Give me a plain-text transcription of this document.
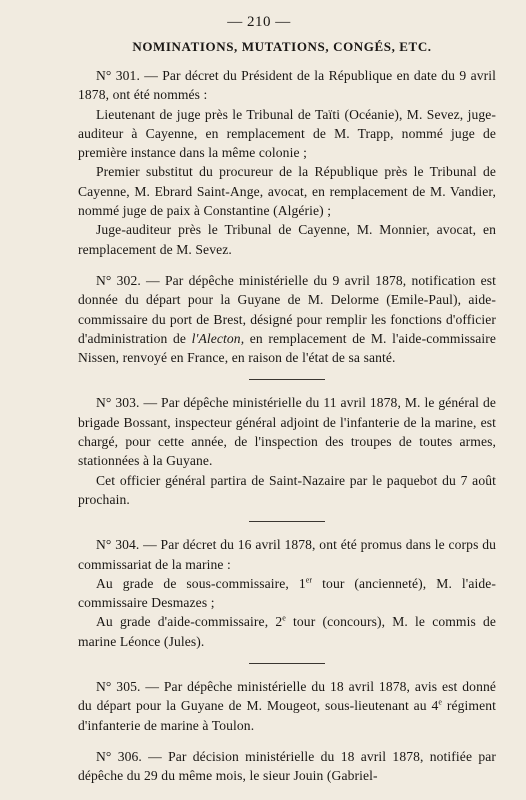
— 210 —
NOMINATIONS, MUTATIONS, CONGÉS, ETC.

N° 301. — Par décret du Président de la République en date du 9 avril 1878, ont été nommés :

Lieutenant de juge près le Tribunal de Taïti (Océanie), M. Sevez, juge-auditeur à Cayenne, en remplacement de M. Trapp, nommé juge de première instance dans la même colonie ;

Premier substitut du procureur de la République près le Tribunal de Cayenne, M. Ebrard Saint-Ange, avocat, en remplacement de M. Vandier, nommé juge de paix à Constantine (Algérie) ;

Juge-auditeur près le Tribunal de Cayenne, M. Monnier, avocat, en remplacement de M. Sevez.

N° 302. — Par dépêche ministérielle du 9 avril 1878, notification est donnée du départ pour la Guyane de M. Delorme (Emile-Paul), aide-commissaire du port de Brest, désigné pour remplir les fonctions d'officier d'administration de l'Alecton, en remplacement de M. l'aide-commissaire Nissen, renvoyé en France, en raison de l'état de sa santé.

N° 303. — Par dépêche ministérielle du 11 avril 1878, M. le général de brigade Bossant, inspecteur général adjoint de l'infanterie de la marine, est chargé, pour cette année, de l'inspection des troupes de toutes armes, stationnées à la Guyane.

Cet officier général partira de Saint-Nazaire par le paquebot du 7 août prochain.

N° 304. — Par décret du 16 avril 1878, ont été promus dans le corps du commissariat de la marine :

Au grade de sous-commissaire, 1er tour (ancienneté), M. l'aide-commissaire Desmazes ;

Au grade d'aide-commissaire, 2e tour (concours), M. le commis de marine Léonce (Jules).

N° 305. — Par dépêche ministérielle du 18 avril 1878, avis est donné du départ pour la Guyane de M. Mougeot, sous-lieutenant au 4e régiment d'infanterie de marine à Toulon.

N° 306. — Par décision ministérielle du 18 avril 1878, notifiée par dépêche du 29 du même mois, le sieur Jouin (Gabriel-
